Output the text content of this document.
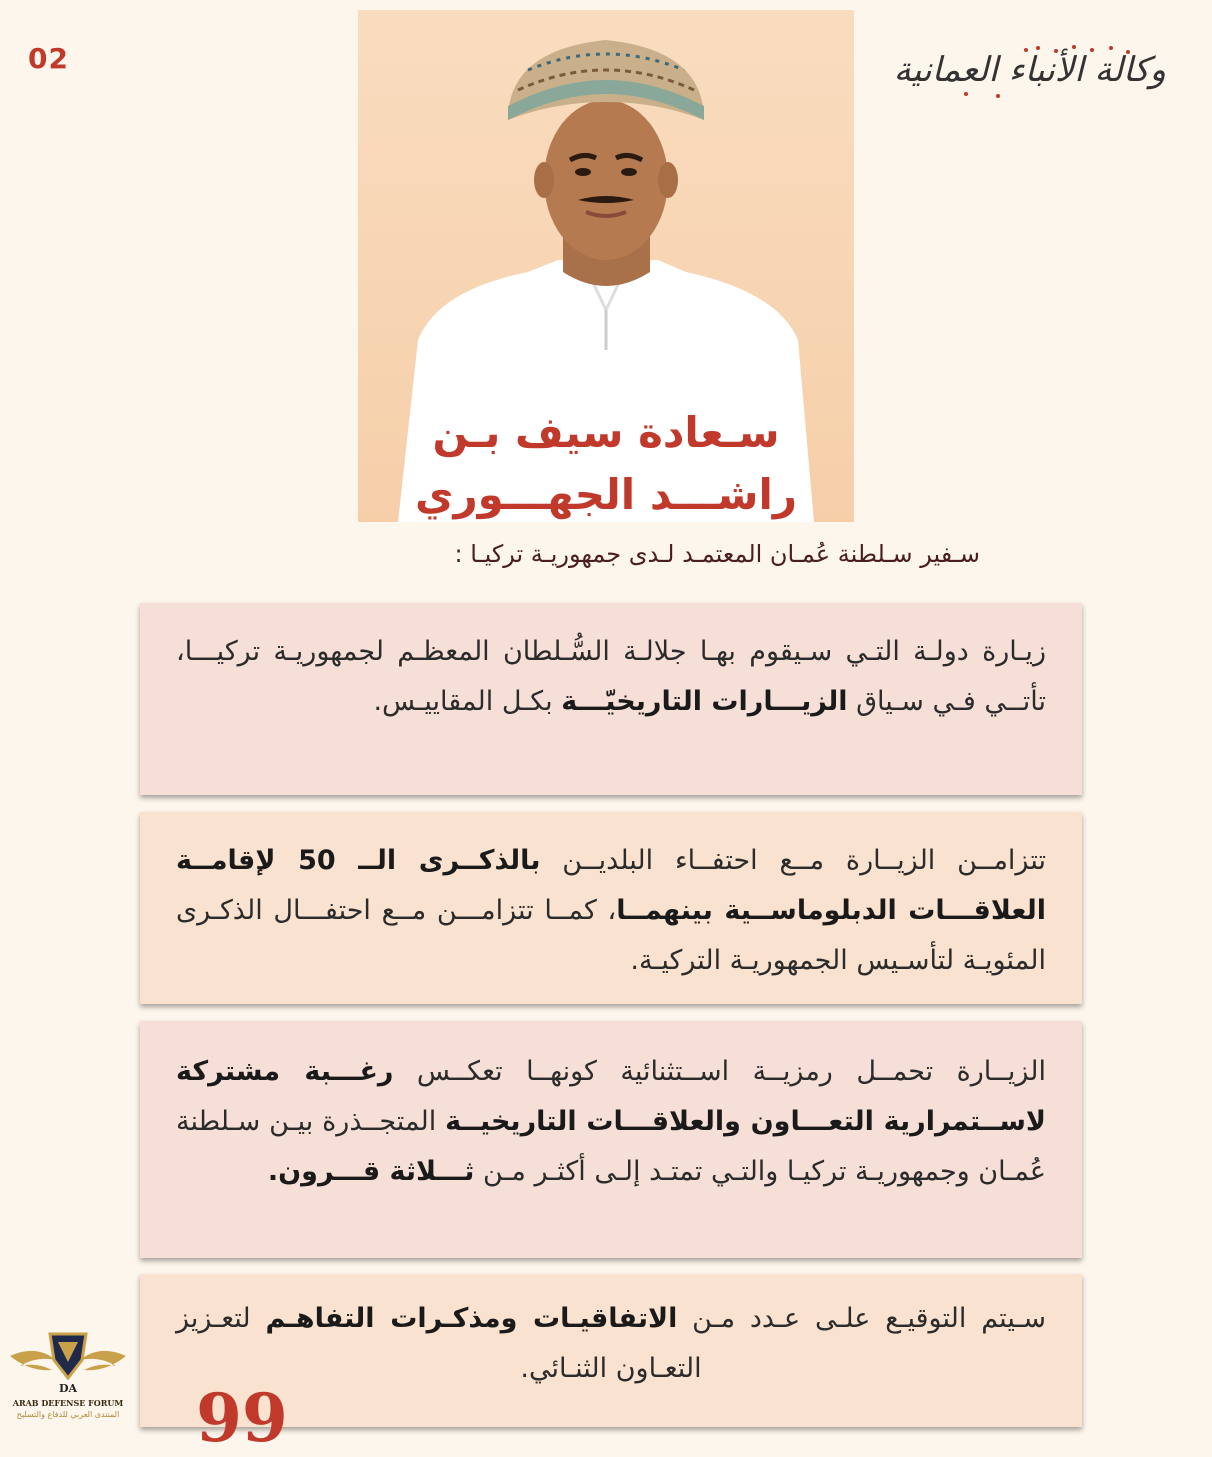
02	وكالة الأنباء العمانية
سـعادة سيف بـن
راشـــد الجهـــوري
سـفير سـلطنة عُمـان المعتمـد لـدى جمهوريـة تركيـا :

زيـارة دولـة التـي سـيقوم بهـا جلالـة السُّـلطان المعظـم لجمهوريـة تركيـــا، تأتــي فـي سـياق الزيـــارات التاريخيّـــة بكـل المقاييـس.

تتزامــن الزيــارة مــع احتفــاء البلديــن بالذكــرى الــ 50 لإقامــة العلاقـــات الدبلوماســية بينهمــا، كمــا تتزامـــن مــع احتفـــال الذكـرى المئويـة لتأسـيس الجمهوريـة التركيـة.

الزيــارة تحمــل رمزيــة اســتثنائية كونهــا تعكــس رغـــبة مشتركة لاســتمرارية التعـــاون والعلاقـــات التاريخيــة المتجــذرة بيـن سـلطنة عُمـان وجمهوريـة تركيـا والتـي تمتـد إلـى أكثـر مـن ثـــلاثة قـــرون.

سـيتم التوقيـع علـى عـدد مـن الاتفاقيـات ومذكـرات التفاهـم لتعـزيز التعـاون الثنـائي.

99
DA
ARAB DEFENSE FORUM
المنتدى العربي للدفاع والتسليح
